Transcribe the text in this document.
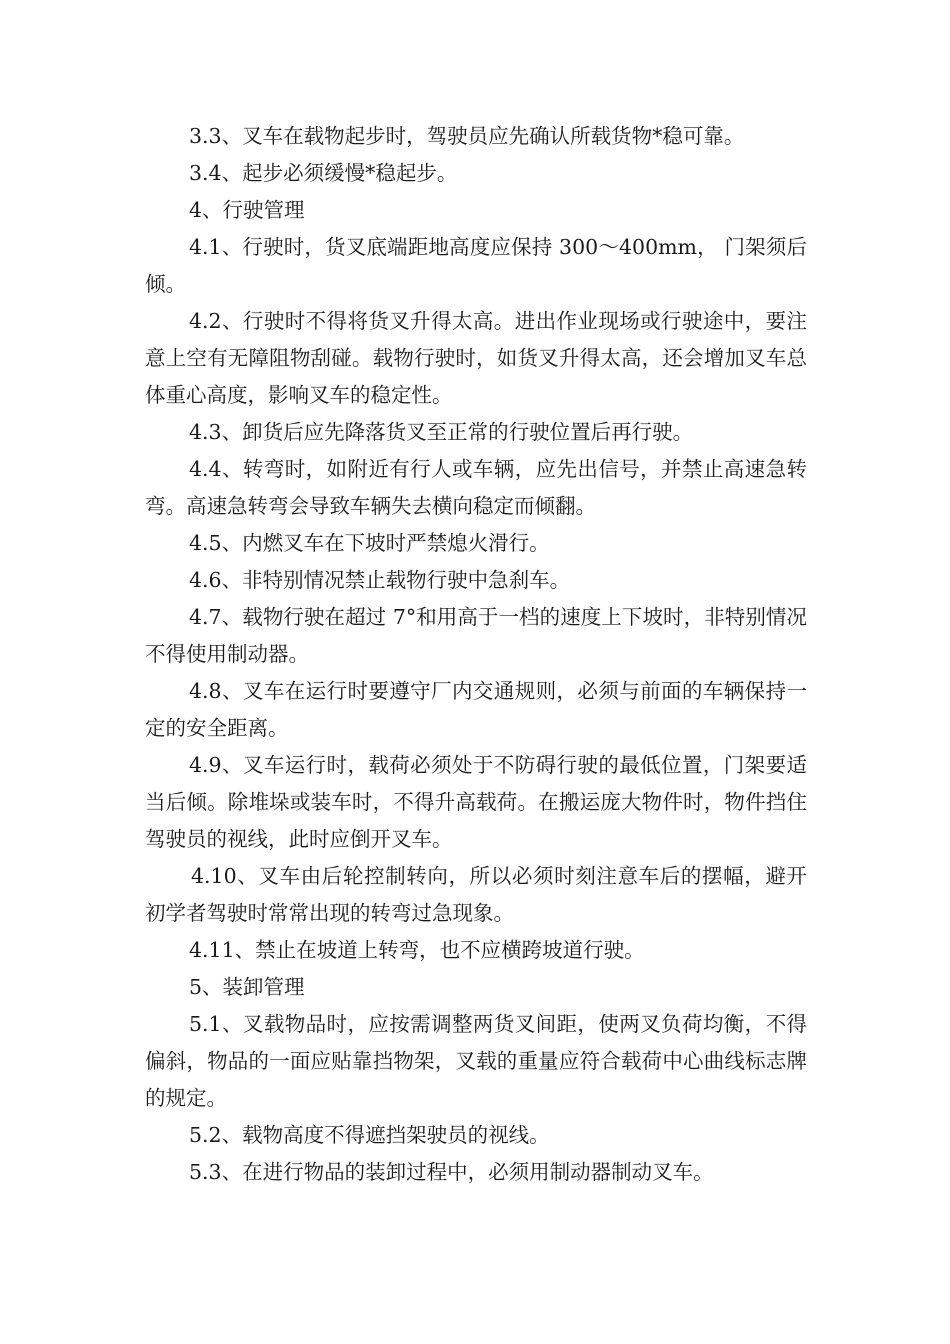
3.3、叉车在载物起步时，驾驶员应先确认所载货物*稳可靠。

3.4、起步必须缓慢*稳起步。

4、行驶管理

4.1、行驶时，货叉底端距地高度应保持 300～400mm， 门架须后倾。

4.2、行驶时不得将货叉升得太高。进出作业现场或行驶途中，要注意上空有无障阻物刮碰。载物行驶时，如货叉升得太高，还会增加叉车总体重心高度，影响叉车的稳定性。

4.3、卸货后应先降落货叉至正常的行驶位置后再行驶。

4.4、转弯时，如附近有行人或车辆，应先出信号，并禁止高速急转弯。高速急转弯会导致车辆失去横向稳定而倾翻。

4.5、内燃叉车在下坡时严禁熄火滑行。

4.6、非特别情况禁止载物行驶中急刹车。

4.7、载物行驶在超过 7°和用高于一档的速度上下坡时，非特别情况不得使用制动器。

4.8、叉车在运行时要遵守厂内交通规则，必须与前面的车辆保持一定的安全距离。

4.9、叉车运行时，载荷必须处于不防碍行驶的最低位置，门架要适当后倾。除堆垛或装车时，不得升高载荷。在搬运庞大物件时，物件挡住驾驶员的视线，此时应倒开叉车。

4.10、叉车由后轮控制转向，所以必须时刻注意车后的摆幅，避开初学者驾驶时常常出现的转弯过急现象。

4.11、禁止在坡道上转弯，也不应横跨坡道行驶。

5、装卸管理

5.1、叉载物品时，应按需调整两货叉间距，使两叉负荷均衡，不得偏斜，物品的一面应贴靠挡物架，叉载的重量应符合载荷中心曲线标志牌的规定。

5.2、载物高度不得遮挡架驶员的视线。

5.3、在进行物品的装卸过程中，必须用制动器制动叉车。
